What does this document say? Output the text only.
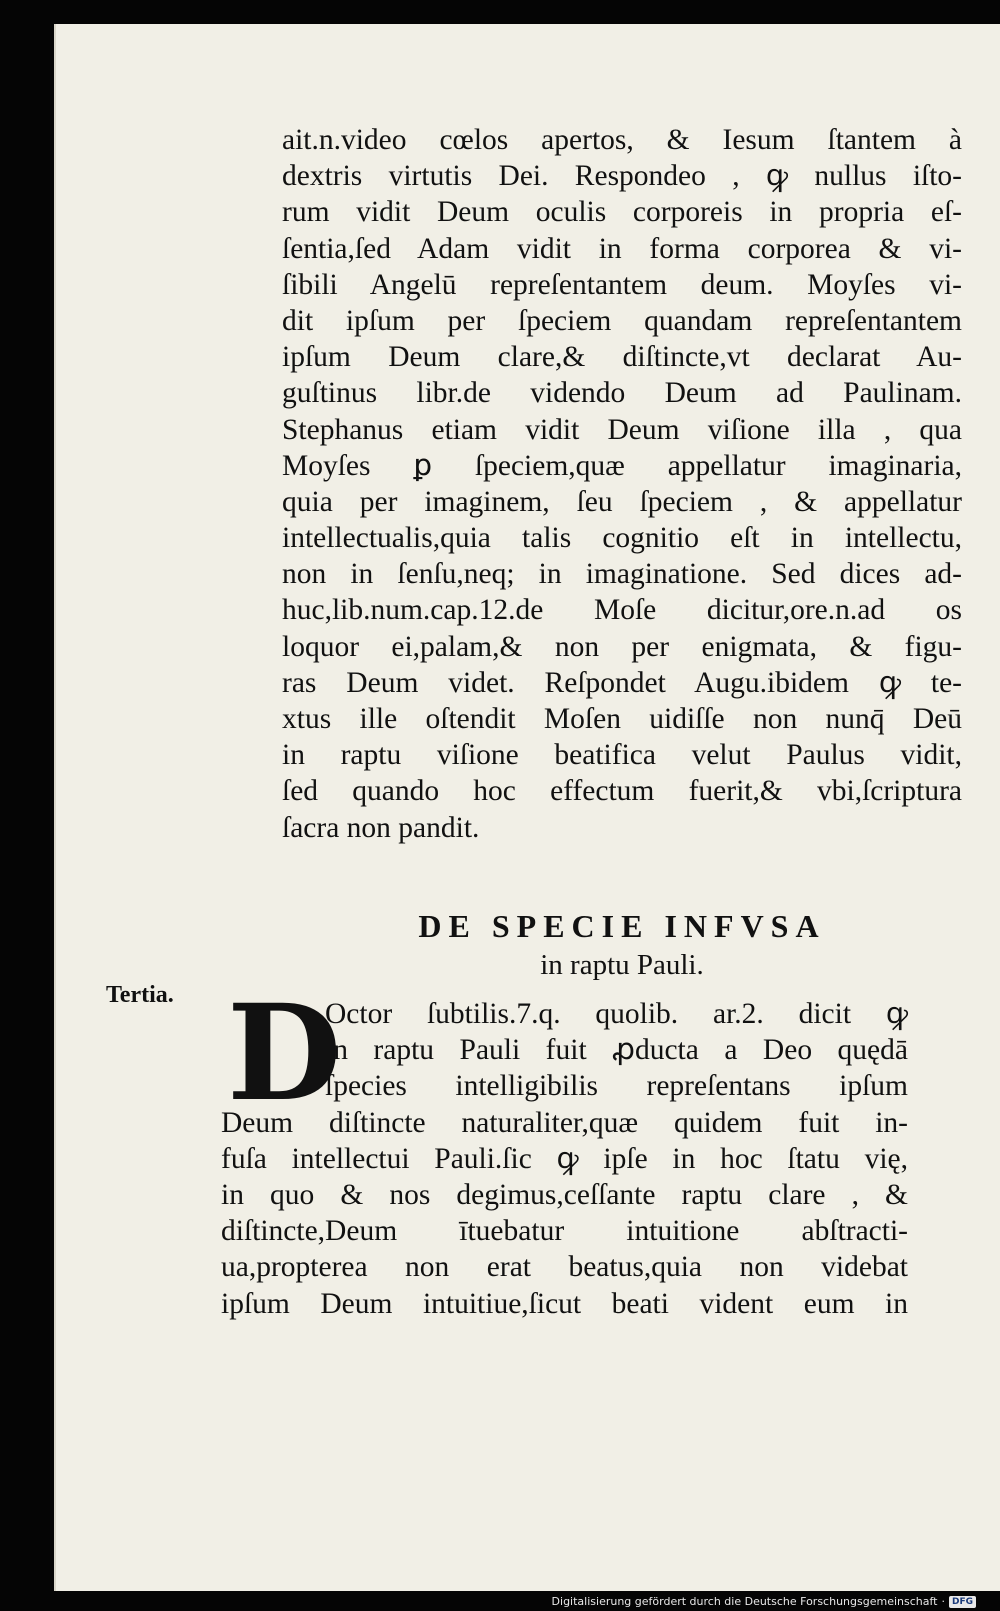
ait.n.video cœlos apertos, & Iesum ſtantem à
dextris virtutis Dei. Respondeo , ꝙ nullus iſto-
rum vidit Deum oculis corporeis in propria eſ-
ſentia,ſed Adam vidit in forma corporea & vi-
ſibili Angelū repreſentantem deum. Moyſes vi-
dit ipſum per ſpeciem quandam repreſentantem
ipſum Deum clare,& diſtincte,vt declarat Au-
guſtinus libr.de videndo Deum ad Paulinam.
Stephanus etiam vidit Deum viſione illa , qua
Moyſes ꝑ ſpeciem,quæ appellatur imaginaria,
quia per imaginem, ſeu ſpeciem , & appellatur
intellectualis,quia talis cognitio eſt in intellectu,
non in ſenſu,neq; in imaginatione. Sed dices ad-
huc,lib.num.cap.12.de Moſe dicitur,ore.n.ad os
loquor ei,palam,& non per enigmata, & figu-
ras Deum videt. Reſpondet Augu.ibidem ꝙ te-
xtus ille oſtendit Moſen uidiſſe non nunq̄ Deū
in raptu viſione beatifica velut Paulus vidit,
ſed quando hoc effectum fuerit,& vbi,ſcriptura
ſacra non pandit.
DE SPECIE INFVSA
in raptu Pauli.
Tertia. D
Octor ſubtilis.7.q. quolib. ar.2. dicit ꝙ
in raptu Pauli fuit ꝓducta a Deo quędā
ſpecies intelligibilis repreſentans ipſum
Deum diſtincte naturaliter,quæ quidem fuit in-
fuſa intellectui Pauli.ſic ꝙ ipſe in hoc ſtatu vię,
in quo & nos degimus,ceſſante raptu clare , &
diſtincte,Deum ītuebatur intuitione abſtracti-
ua,propterea non erat beatus,quia non videbat
ipſum Deum intuitiue,ſicut beati vident eum in
Digitalisierung gefördert durch die Deutsche Forschungsgemeinschaft · DFG
